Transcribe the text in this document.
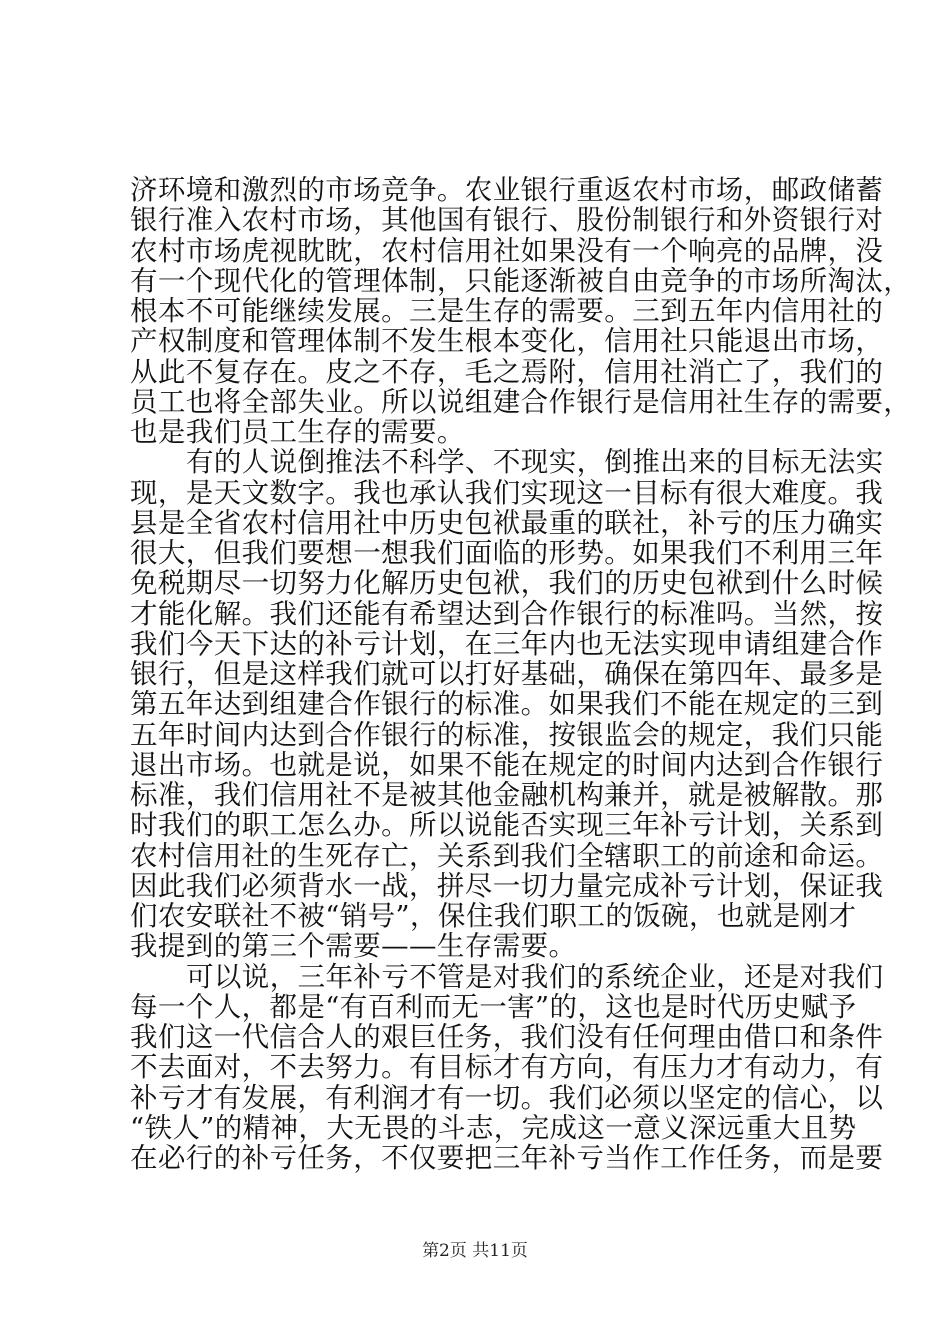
济环境和激烈的市场竞争。农业银行重返农村市场，邮政储蓄
银行准入农村市场，其他国有银行、股份制银行和外资银行对
农村市场虎视眈眈，农村信用社如果没有一个响亮的品牌，没
有一个现代化的管理体制，只能逐渐被自由竞争的市场所淘汰，
根本不可能继续发展。三是生存的需要。三到五年内信用社的
产权制度和管理体制不发生根本变化，信用社只能退出市场，
从此不复存在。皮之不存，毛之焉附，信用社消亡了，我们的
员工也将全部失业。所以说组建合作银行是信用社生存的需要，
也是我们员工生存的需要。
有的人说倒推法不科学、不现实，倒推出来的目标无法实
现，是天文数字。我也承认我们实现这一目标有很大难度。我
县是全省农村信用社中历史包袱最重的联社，补亏的压力确实
很大，但我们要想一想我们面临的形势。如果我们不利用三年
免税期尽一切努力化解历史包袱，我们的历史包袱到什么时候
才能化解。我们还能有希望达到合作银行的标准吗。当然，按
我们今天下达的补亏计划，在三年内也无法实现申请组建合作
银行，但是这样我们就可以打好基础，确保在第四年、最多是
第五年达到组建合作银行的标准。如果我们不能在规定的三到
五年时间内达到合作银行的标准，按银监会的规定，我们只能
退出市场。也就是说，如果不能在规定的时间内达到合作银行
标准，我们信用社不是被其他金融机构兼并，就是被解散。那
时我们的职工怎么办。所以说能否实现三年补亏计划，关系到
农村信用社的生死存亡，关系到我们全辖职工的前途和命运。
因此我们必须背水一战，拼尽一切力量完成补亏计划，保证我
们农安联社不被“销号”，保住我们职工的饭碗，也就是刚才
我提到的第三个需要——生存需要。
可以说，三年补亏不管是对我们的系统企业，还是对我们
每一个人，都是“有百利而无一害”的，这也是时代历史赋予
我们这一代信合人的艰巨任务，我们没有任何理由借口和条件
不去面对，不去努力。有目标才有方向，有压力才有动力，有
补亏才有发展，有利润才有一切。我们必须以坚定的信心，以
“铁人”的精神，大无畏的斗志，完成这一意义深远重大且势
在必行的补亏任务，不仅要把三年补亏当作工作任务，而是要
第2页 共11页
